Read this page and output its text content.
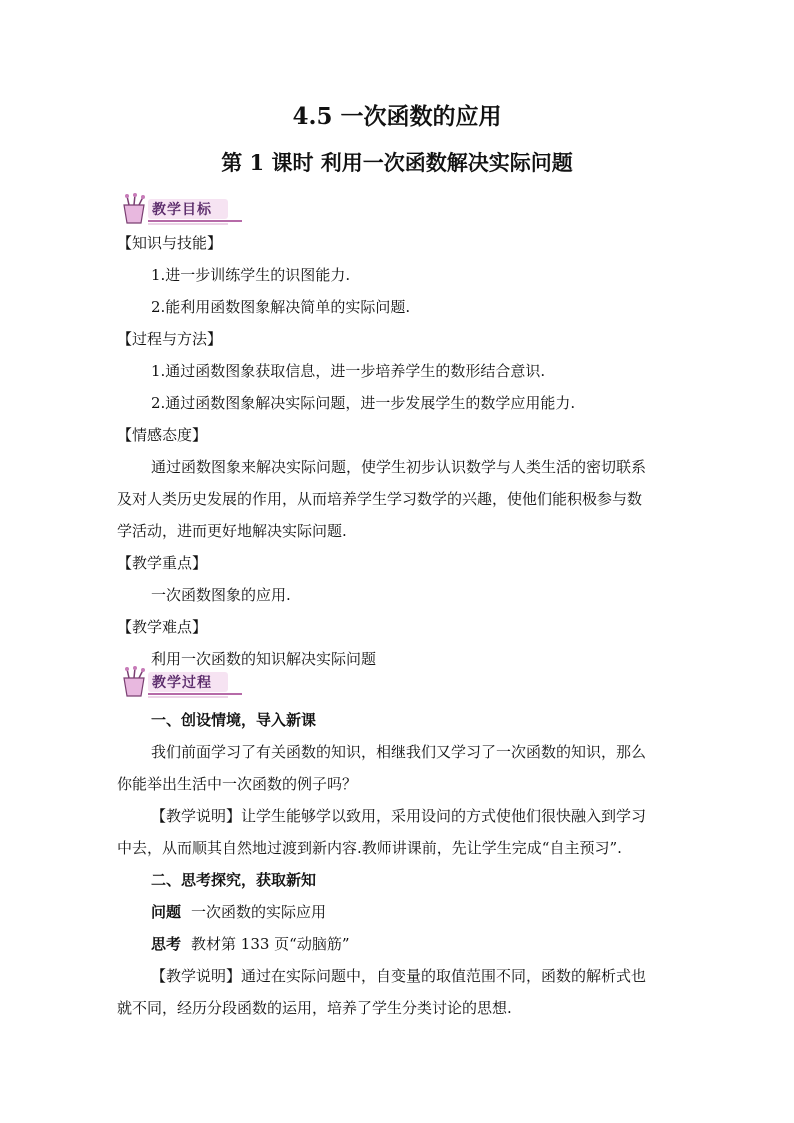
4.5 一次函数的应用
第 1 课时 利用一次函数解决实际问题
教学目标
【知识与技能】
1.进一步训练学生的识图能力.
2.能利用函数图象解决简单的实际问题.
【过程与方法】
1.通过函数图象获取信息，进一步培养学生的数形结合意识.
2.通过函数图象解决实际问题，进一步发展学生的数学应用能力.
【情感态度】
通过函数图象来解决实际问题，使学生初步认识数学与人类生活的密切联系
及对人类历史发展的作用，从而培养学生学习数学的兴趣，使他们能积极参与数
学活动，进而更好地解决实际问题.
【教学重点】
一次函数图象的应用.
【教学难点】
利用一次函数的知识解决实际问题
教学过程
一、创设情境，导入新课
我们前面学习了有关函数的知识，相继我们又学习了一次函数的知识，那么
你能举出生活中一次函数的例子吗？
【教学说明】让学生能够学以致用，采用设问的方式使他们很快融入到学习
中去，从而顺其自然地过渡到新内容.教师讲课前，先让学生完成“自主预习”.
二、思考探究，获取新知
问题 一次函数的实际应用
思考 教材第 133 页“动脑筋”
【教学说明】通过在实际问题中，自变量的取值范围不同，函数的解析式也
就不同，经历分段函数的运用，培养了学生分类讨论的思想.
